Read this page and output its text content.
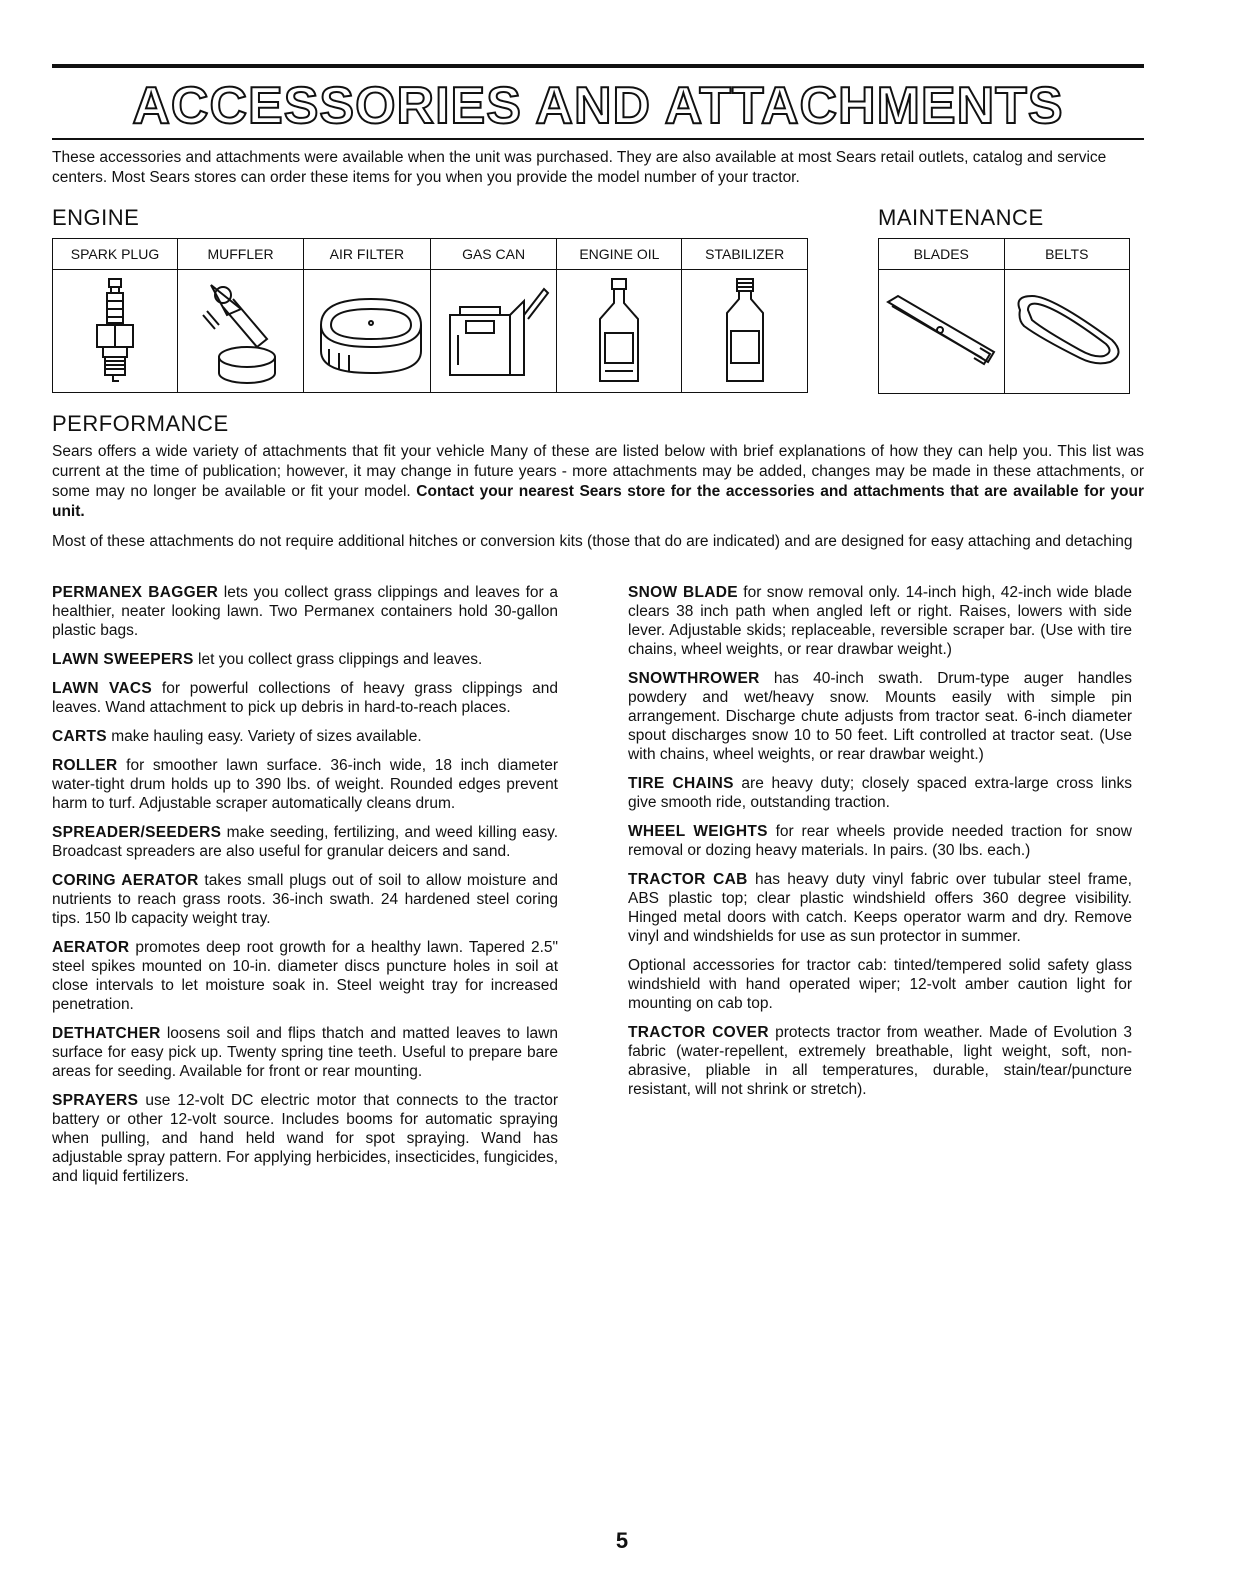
ACCESSORIES AND ATTACHMENTS
These accessories and attachments were available when the unit was purchased. They are also available at most Sears retail outlets, catalog and service centers. Most Sears stores can order these items for you when you provide the model number of your tractor.
ENGINE	MAINTENANCE
SPARK PLUG	MUFFLER	AIR FILTER	GAS CAN	ENGINE OIL	STABILIZER

		BLADES	BELTS

PERFORMANCE

Sears offers a wide variety of attachments that fit your vehicle Many of these are listed below with brief explanations of how they can help you. This list was current at the time of publication; however, it may change in future years - more attachments may be added, changes may be made in these attachments, or some may no longer be available or fit your model. Contact your nearest Sears store for the accessories and attachments that are available for your unit.

Most of these attachments do not require additional hitches or conversion kits (those that do are indicated) and are designed for easy attaching and detaching

PERMANEX BAGGER lets you collect grass clippings and leaves for a healthier, neater looking lawn. Two Permanex containers hold 30-gallon plastic bags.

LAWN SWEEPERS let you collect grass clippings and leaves.

LAWN VACS for powerful collections of heavy grass clippings and leaves. Wand attachment to pick up debris in hard-to-reach places.

CARTS make hauling easy. Variety of sizes available.

ROLLER for smoother lawn surface. 36-inch wide, 18 inch diameter water-tight drum holds up to 390 lbs. of weight. Rounded edges prevent harm to turf. Adjustable scraper automatically cleans drum.

SPREADER/SEEDERS make seeding, fertilizing, and weed killing easy. Broadcast spreaders are also useful for granular deicers and sand.

CORING AERATOR takes small plugs out of soil to allow moisture and nutrients to reach grass roots. 36-inch swath. 24 hardened steel coring tips. 150 lb capacity weight tray.

AERATOR promotes deep root growth for a healthy lawn. Tapered 2.5" steel spikes mounted on 10-in. diameter discs puncture holes in soil at close intervals to let moisture soak in. Steel weight tray for increased penetration.

DETHATCHER loosens soil and flips thatch and matted leaves to lawn surface for easy pick up. Twenty spring tine teeth. Useful to prepare bare areas for seeding. Available for front or rear mounting.

SPRAYERS use 12-volt DC electric motor that connects to the tractor battery or other 12-volt source. Includes booms for automatic spraying when pulling, and hand held wand for spot spraying. Wand has adjustable spray pattern. For applying herbicides, insecticides, fungicides, and liquid fertilizers.

SNOW BLADE for snow removal only. 14-inch high, 42-inch wide blade clears 38 inch path when angled left or right. Raises, lowers with side lever. Adjustable skids; replaceable, reversible scraper bar. (Use with tire chains, wheel weights, or rear drawbar weight.)

SNOWTHROWER has 40-inch swath. Drum-type auger handles powdery and wet/heavy snow. Mounts easily with simple pin arrangement. Discharge chute adjusts from tractor seat. 6-inch diameter spout discharges snow 10 to 50 feet. Lift controlled at tractor seat. (Use with chains, wheel weights, or rear drawbar weight.)

TIRE CHAINS are heavy duty; closely spaced extra-large cross links give smooth ride, outstanding traction.

WHEEL WEIGHTS for rear wheels provide needed traction for snow removal or dozing heavy materials. In pairs. (30 lbs. each.)

TRACTOR CAB has heavy duty vinyl fabric over tubular steel frame, ABS plastic top; clear plastic windshield offers 360 degree visibility. Hinged metal doors with catch. Keeps operator warm and dry. Remove vinyl and windshields for use as sun protector in summer.

Optional accessories for tractor cab: tinted/tempered solid safety glass windshield with hand operated wiper; 12-volt amber caution light for mounting on cab top.

TRACTOR COVER protects tractor from weather. Made of Evolution 3 fabric (water-repellent, extremely breathable, light weight, soft, non-abrasive, pliable in all temperatures, durable, stain/tear/puncture resistant, will not shrink or stretch).

5
